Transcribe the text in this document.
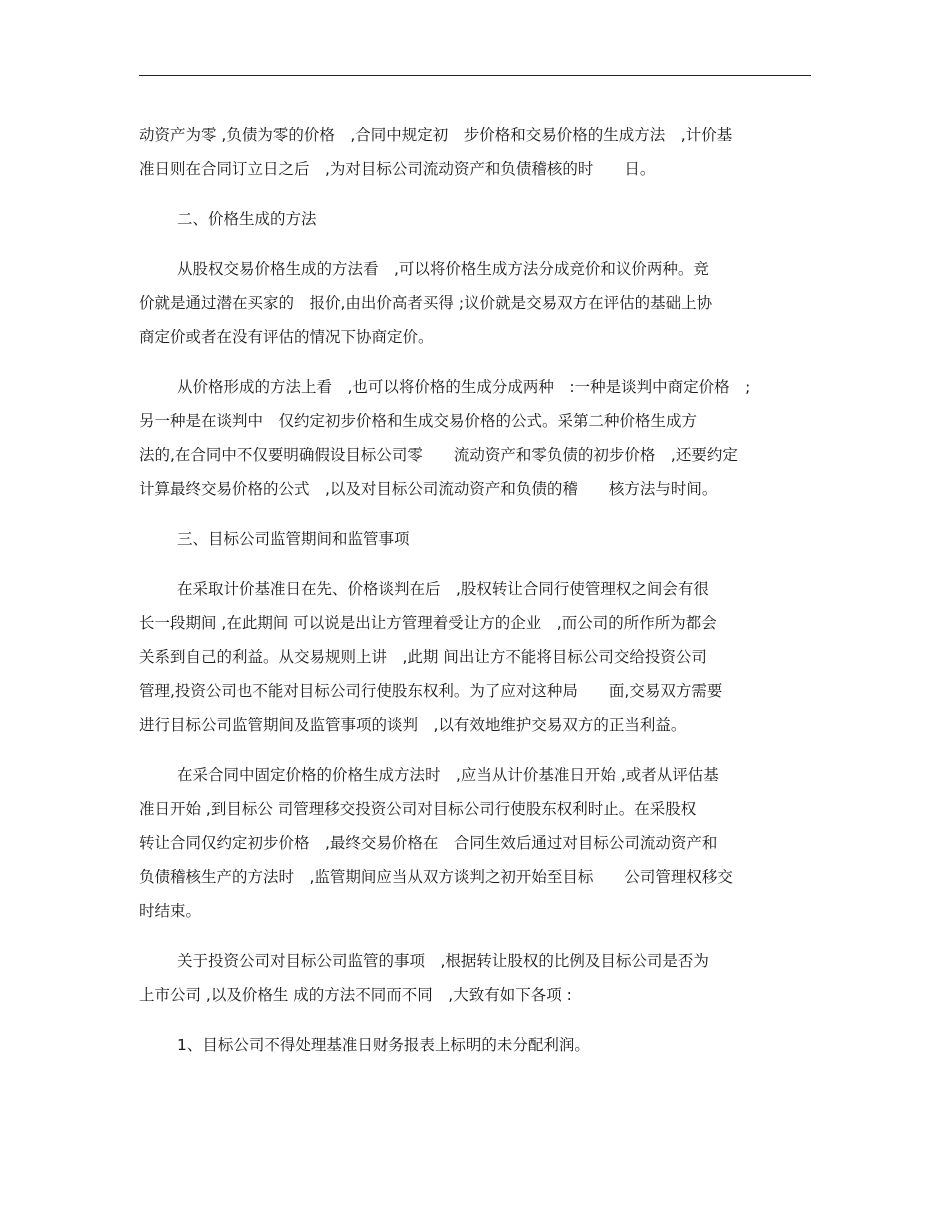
动资产为零 ,负债为零的价格　,合同中规定初　步价格和交易价格的生成方法　,计价基
准日则在合同订立日之后　,为对目标公司流动资产和负债稽核的时　　日。

二、价格生成的方法

从股权交易价格生成的方法看　,可以将价格生成方法分成竞价和议价两种。竞
价就是通过潜在买家的　报价,由出价高者买得 ;议价就是交易双方在评估的基础上协
商定价或者在没有评估的情况下协商定价。

从价格形成的方法上看　,也可以将价格的生成分成两种　:一种是谈判中商定价格　;
另一种是在谈判中　仅约定初步价格和生成交易价格的公式。采第二种价格生成方
法的,在合同中不仅要明确假设目标公司零　　流动资产和零负债的初步价格　,还要约定
计算最终交易价格的公式　,以及对目标公司流动资产和负债的稽　　核方法与时间。

三、目标公司监管期间和监管事项

在采取计价基准日在先、价格谈判在后　,股权转让合同行使管理权之间会有很
长一段期间 ,在此期间 可以说是出让方管理着受让方的企业　,而公司的所作所为都会
关系到自己的利益。从交易规则上讲　,此期 间出让方不能将目标公司交给投资公司
管理,投资公司也不能对目标公司行使股东权利。为了应对这种局　　面,交易双方需要
进行目标公司监管期间及监管事项的谈判　,以有效地维护交易双方的正当利益。

在采合同中固定价格的价格生成方法时　,应当从计价基准日开始 ,或者从评估基
准日开始 ,到目标公 司管理移交投资公司对目标公司行使股东权利时止。在采股权
转让合同仅约定初步价格　,最终交易价格在　合同生效后通过对目标公司流动资产和
负债稽核生产的方法时　,监管期间应当从双方谈判之初开始至目标　　公司管理权移交
时结束。

关于投资公司对目标公司监管的事项　,根据转让股权的比例及目标公司是否为
上市公司 ,以及价格生 成的方法不同而不同　,大致有如下各项 :

1、目标公司不得处理基准日财务报表上标明的未分配利润。
